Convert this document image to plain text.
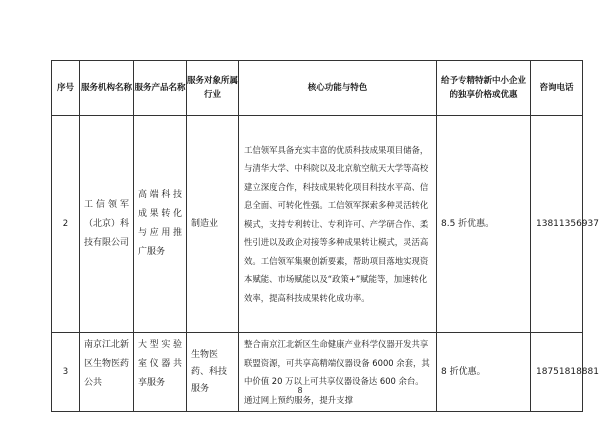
序号	服务机构名称	服务产品名称	服务对象所属行业	核心功能与特色	给予专精特新中小企业的独享价格或优惠	咨询电话
2	工信领军（北京）科技有限公司	高端科技成果转化与应用推广服务	制造业	工信领军具备充实丰富的优质科技成果项目储备，与清华大学、中科院以及北京航空航天大学等高校建立深度合作，科技成果转化项目科技水平高、信息全面、可转化性强。工信领军探索多种灵活转化模式，支持专利转让、专利许可、产学研合作、柔性引进以及政企对接等多种成果转让模式，灵活高效。工信领军集聚创新要素，帮助项目落地实现资本赋能、市场赋能以及“政策+”赋能等，加速转化效率，提高科技成果转化成功率。	8.5 折优惠。	13811356937
3	南京江北新区生物医药公共	大型实验室仪器共享服务	生物医药、科技服务	整合南京江北新区生命健康产业科学仪器开发共享联盟资源，可共享高精端仪器设备 6000 余套，其中价值 20 万以上可共享仪器设备达 600 余台。通过网上预约服务，提升支撑	8 折优惠。	18751818881
8
